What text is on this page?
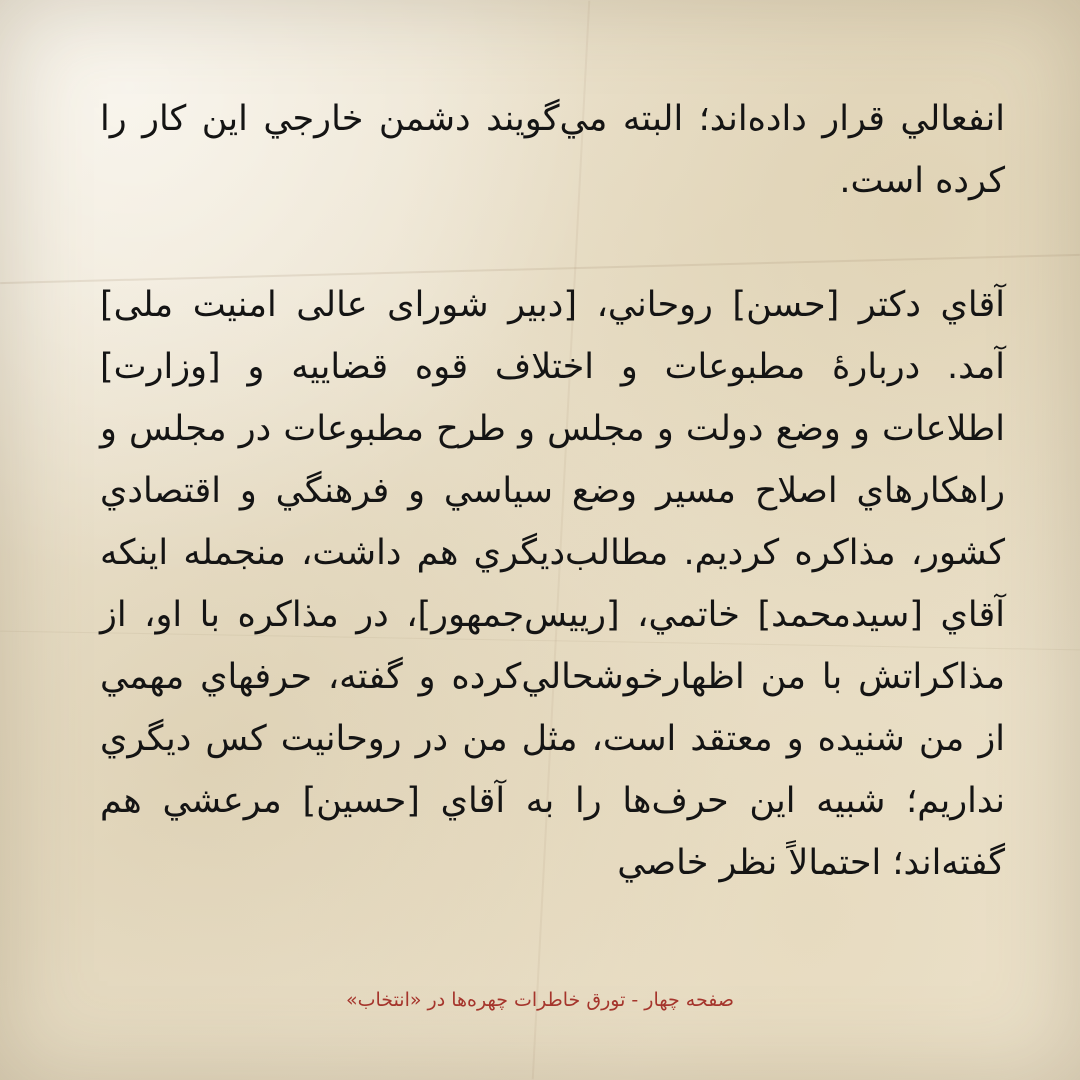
انفعالي قرار داده‌اند؛ البته مي‌گويند دشمن خارجي اين كار را كرده است.

آقاي دكتر [حسن] روحاني، [دبير شوراى عالى امنيت ملى] آمد. دربارۀ مطبوعات و اختلاف قوه قضاييه و [وزارت] اطلاعات و وضع دولت و مجلس و طرح مطبوعات در مجلس و راهكارهاي اصلاح مسير وضع سياسي و فرهنگي و اقتصادي كشور، مذاكره كرديم. مطالب‌ديگري هم داشت، منجمله اينكه آقاي [سيدمحمد] خاتمي، [رييس‌جمهور]، در مذاكره با او، از مذاكراتش با من اظهارخوشحالي‌كرده و گفته، حرفهاي مهمي از من شنيده و معتقد است، مثل من در روحانيت كس ديگري نداريم؛ شبيه اين حرف‌ها را به آقاي [حسين] مرعشي هم گفته‌اند؛ احتمالاً نظر خاصي

صفحه چهار - تورق خاطرات چهره‌ها در «انتخاب»
